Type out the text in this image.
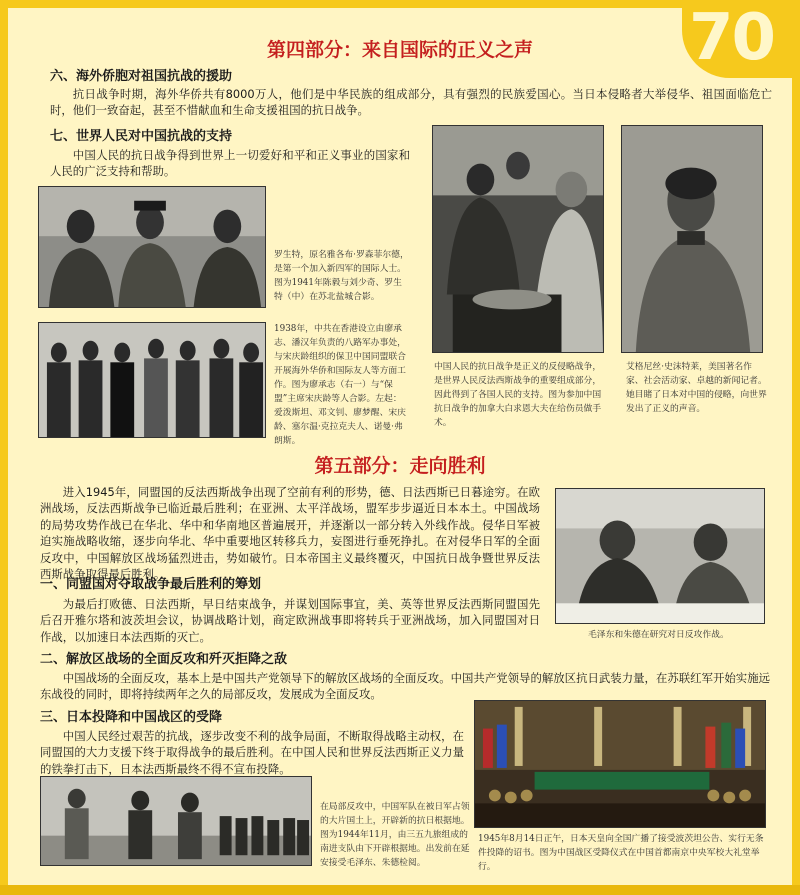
70
第四部分：来自国际的正义之声
六、海外侨胞对祖国抗战的援助
抗日战争时期，海外华侨共有8000万人，他们是中华民族的组成部分，具有强烈的民族爱国心。当日本侵略者大举侵华、祖国面临危亡时，他们一致奋起，甚至不惜献血和生命支援祖国的抗日战争。
七、世界人民对中国抗战的支持
中国人民的抗日战争得到世界上一切爱好和平和正义事业的国家和人民的广泛支持和帮助。
罗生特，原名雅各布·罗森菲尔德，是第一个加入新四军的国际人士。图为1941年陈毅与刘少奇、罗生特（中）在苏北盐城合影。
1938年，中共在香港设立由廖承志、潘汉年负责的八路军办事处，与宋庆龄组织的保卫中国同盟联合开展海外华侨和国际友人等方面工作。图为廖承志（右一）与“保盟”主席宋庆龄等人合影。左起：爱泼斯坦、邓文钊、廖梦醒、宋庆龄、塞尔温·克拉克夫人、诺曼·弗朗斯。
中国人民的抗日战争是正义的反侵略战争，是世界人民反法西斯战争的重要组成部分，因此得到了各国人民的支持。图为参加中国抗日战争的加拿大白求恩大夫在给伤员做手术。
艾格尼丝·史沫特莱，美国著名作家、社会活动家、卓越的新闻记者。她目睹了日本对中国的侵略，向世界发出了正义的声音。
第五部分：走向胜利
进入1945年，同盟国的反法西斯战争出现了空前有利的形势，德、日法西斯已日暮途穷。在欧洲战场，反法西斯战争已临近最后胜利；在亚洲、太平洋战场，盟军步步逼近日本本土。中国战场的局势攻势作战已在华北、华中和华南地区普遍展开，并逐渐以一部分转入外线作战。侵华日军被迫实施战略收缩，逐步向华北、华中重要地区转移兵力，妄图进行垂死挣扎。在对侵华日军的全面反攻中，中国解放区战场猛烈进击，势如破竹。日本帝国主义最终覆灭，中国抗日战争暨世界反法西斯战争取得最后胜利。
毛泽东和朱德在研究对日反攻作战。
一、同盟国对夺取战争最后胜利的筹划
为最后打败德、日法西斯，早日结束战争，并谋划国际事宜，美、英等世界反法西斯同盟国先后召开雅尔塔和波茨坦会议，协调战略计划，商定欧洲战事即将转兵于亚洲战场，加入同盟国对日作战，以加速日本法西斯的灭亡。
二、解放区战场的全面反攻和歼灭拒降之敌
中国战场的全面反攻，基本上是中国共产党领导下的解放区战场的全面反攻。中国共产党领导的解放区抗日武装力量，在苏联红军开始实施远东战役的同时，即将持续两年之久的局部反攻，发展成为全面反攻。
三、日本投降和中国战区的受降
中国人民经过艰苦的抗战，逐步改变不利的战争局面，不断取得战略主动权，在同盟国的大力支援下终于取得战争的最后胜利。在中国人民和世界反法西斯正义力量的铁拳打击下，日本法西斯最终不得不宣布投降。
1945年8月14日正午，日本天皇向全国广播了接受波茨坦公告、实行无条件投降的诏书。图为中国战区受降仪式在中国首都南京中央军校大礼堂举行。
在局部反攻中，中国军队在被日军占领的大片国土上，开辟新的抗日根据地。图为1944年11月，由三五九旅组成的南进支队由下开辟根据地。出发前在延安接受毛泽东、朱德检阅。
